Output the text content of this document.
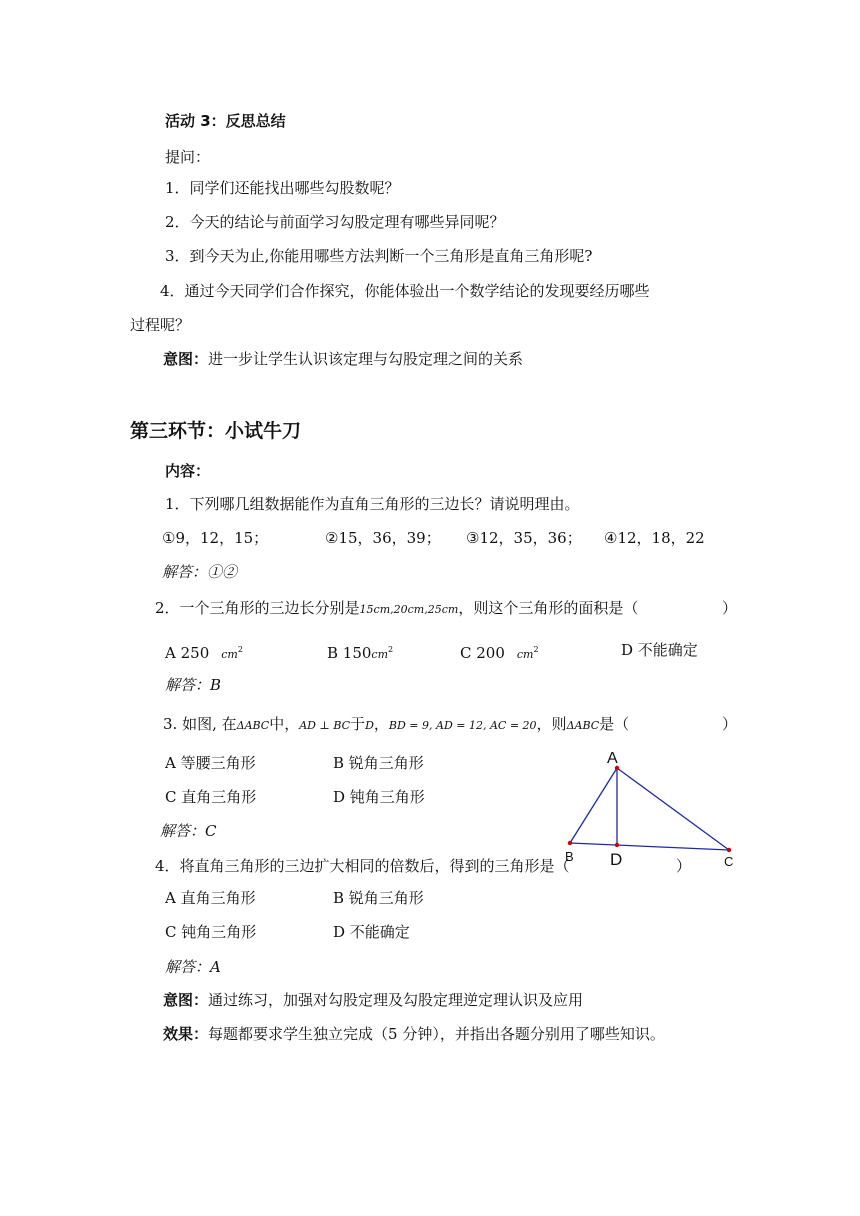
活动 3：反思总结
提问：
1．同学们还能找出哪些勾股数呢？
2．今天的结论与前面学习勾股定理有哪些异同呢？
3．到今天为止,你能用哪些方法判断一个三角形是直角三角形呢?
4．通过今天同学们合作探究，你能体验出一个数学结论的发现要经历哪些
过程呢？
意图：进一步让学生认识该定理与勾股定理之间的关系
第三环节：小试牛刀
内容：
1．下列哪几组数据能作为直角三角形的三边长？请说明理由。
①9，12，15；	②15，36，39； ③12，35，36； ④12，18，22
解答：①②
2．一个三角形的三边长分别是15cm,20cm,25cm，则这个三角形的面积是（	）
A 250 $cm^2$	B $150cm^2$	C 200 $cm^2$	D 不能确定
解答：B
3. 如图, 在ΔABC中，AD ⊥ BC于D，BD = 9, AD = 12, AC = 20，则ΔABC是（	）
A 等腰三角形	B 锐角三角形
C 直角三角形	D 钝角三角形
解答：C
A
B	C
D
4．将直角三角形的三边扩大相同的倍数后，得到的三角形是（	）
A 直角三角形	B 锐角三角形
C 钝角三角形	D 不能确定
解答：A
意图：通过练习，加强对勾股定理及勾股定理逆定理认识及应用
效果：每题都要求学生独立完成（5 分钟），并指出各题分别用了哪些知识。
